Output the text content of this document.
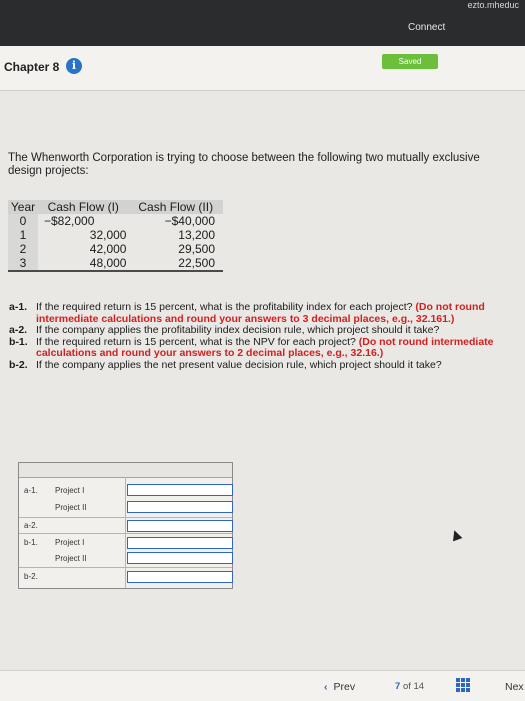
ezto.mheduc
Connect
Chapter 8	i	Saved
The Whenworth Corporation is trying to choose between the following two mutually exclusive design projects:
Year	Cash Flow (I)	Cash Flow (II)
0	−$82,000	−$40,000
1	32,000	13,200
2	42,000	29,500
3	48,000	22,500
a-1. If the required return is 15 percent, what is the profitability index for each project? (Do not round intermediate calculations and round your answers to 3 decimal places, e.g., 32.161.)
a-2. If the company applies the profitability index decision rule, which project should it take?
b-1. If the required return is 15 percent, what is the NPV for each project? (Do not round intermediate calculations and round your answers to 2 decimal places, e.g., 32.16.)
b-2. If the company applies the net present value decision rule, which project should it take?
a-1. Project I
Project II
a-2.
b-1. Project I
Project II
b-2.
‹ Prev	7 of 14	Nex
